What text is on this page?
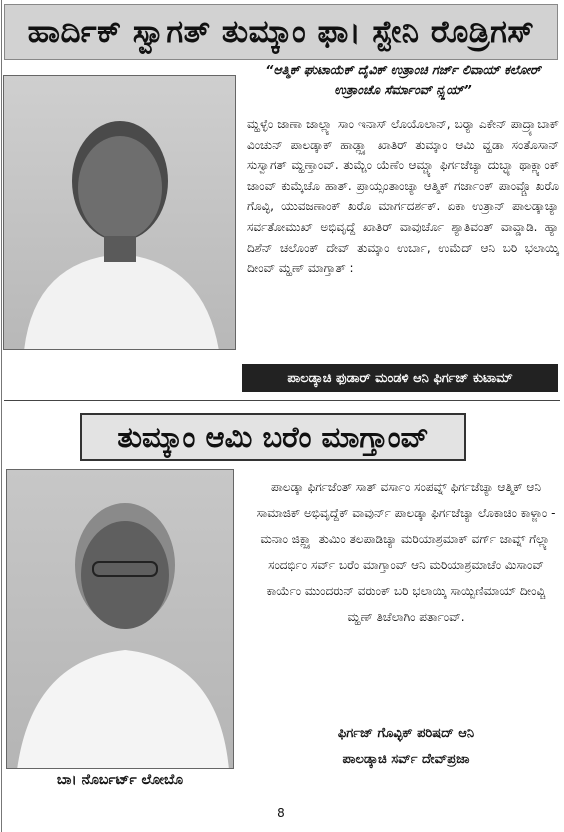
ಹಾರ್ದಿಕ್ ಸ್ವಾಗತ್ ತುಮ್ಕಾಂ ಫಾ। ಸ್ಟೇನಿ ರೊಡ್ರಿಗಸ್
“ಆತ್ಮಿಕ್ ಘುಟಾಯೆಕ್ ದೈವಿಕ್ ಉತ್ರಾಂಚಿ ಗರ್ಜ್ ಲಿವಾಯ್ ಕಲೋರ್ ಉತ್ರಾಂಚೊ ಸೆರ್ಮಾಂವ್ ನ್ಸ್ಲಯ್”
ಮ್ಹಳ್ಳೆಂ ಜಾಣಾ ಜಾಲ್ಲ್ಯಾ ಸಾಂ ಇನಾಸ್ ಲೊಯೊಲಾನ್, ಬರ್‍ಯಾ ಎಕೇನ್ ಪಾದ್ರ್ಯಾಬಾಕ್ ವಿಂಚುನ್ ಪಾಲಡ್ಕಾಕ್ ಹಾಡ್ಲ್ಲ್ಯಾ ಖಾತಿರ್ ತುಮ್ಕಾಂ ಆಮಿ ವ್ಹಡಾ ಸಂತೊಸಾನ್ ಸುಸ್ವಾಗತ್ ಮ್ಹಣ್ತಾಂವ್. ತುಮ್ಚೆಂ ಯೆಣೆಂ ಆಮ್ಚ್ಯಾ ಫಿರ್ಗಜೆಚ್ಯಾ ದುಬ್ಳ್ಯಾ ಥಾಕ್ಲ್ಯಾಂಕ್ ಜಾಂವ್ ಕುಮ್ಕೆಚೊ ಹಾತ್. ಪ್ರಾಯ್ಸಂತಾಂಚ್ಯಾ ಆತ್ಮಿಕ್ ಗರ್ಜಾಂಕ್ ಪಾಂವ್ಚೊ ಖರೊ ಗೊವ್ಳಿ, ಯುವಜಣಾಂಕ್ ಖರೊ ಮಾರ್ಗದರ್ಶಕ್. ಏಕಾ ಉತ್ರಾನ್ ಪಾಲಡ್ಕಾಚ್ಯಾ ಸರ್ವತೋಮುಖ್ ಅಭಿವೃದ್ದೆ ಖಾತಿರ್ ವಾವುರ್ಚೊ ಶ್ಯಾತಿವಂತ್ ವಾವ್ಡಾಡಿ. ಹ್ಯಾ ದಿಶೆನ್ ಚಲೊಂಕ್ ದೇವ್ ತುಮ್ಕಾಂ ಉರ್ಬಾ, ಉಮೆದ್ ಆನಿ ಬರಿ ಭಲಾಯ್ಕಿ ದೀಂವ್ ಮ್ಹಣ್ ಮಾಗ್ತಾತ್ :
ಪಾಲಡ್ಕಾಚಿ ಫುಡಾರ್ ಮಂಡಳಿ ಆನಿ ಫಿರ್ಗಜ್ ಕುಟಾಮ್
ತುಮ್ಕಾಂ ಆಮಿ ಬರೆಂ ಮಾಗ್ತಾಂವ್
ಪಾಲಡ್ಕಾ ಫಿರ್ಗಜೆಂತ್ ಸಾತ್ ವರ್ಸಾಂ ಸಂಪವ್ನ್ ಫಿರ್ಗಜೆಚ್ಯಾ ಆತ್ಮಿಕ್ ಆನಿ ಸಾಮಾಜಿಕ್ ಅಭಿವೃದ್ದೆಕ್ ವಾವುರ್ನ್ ಪಾಲಡ್ಕಾ ಫಿರ್ಗಜೆಚ್ಯಾ ಲೊಕಾಚಿಂ ಕಾಳ್ಜಾಂ - ಮನಾಂ ಜಿಕ್ಲ್ಲ್ಯಾ ತುಮಿಂ ತಲಪಾಡಿಚ್ಯಾ ಮರಿಯಾಶ್ರಮಾಕ್ ವರ್ಗ್ ಜಾವ್ನ್ ಗೆಲ್ಲ್ಯಾ ಸಂದರ್ಭಿಂ ಸರ್ವ್ ಬರೆಂ ಮಾಗ್ತಾಂವ್ ಆನಿ ಮರಿಯಾಶ್ರಮಾಚೆಂ ಮಿಸಾಂವ್ ಕಾರ್ಯೆಂ ಮುಂದರುನ್ ವರುಂಕ್ ಬರಿ ಭಲಾಯ್ಕಿ ಸಾಯ್ಬಿಣಿಮಾಯ್ ದೀಂವ್ಚಿ ಮ್ಹಣ್ ತಿಚೆಲಾಗಿಂ ಪರ್ತಾಂವ್.
ಫಿರ್ಗಜ್ ಗೊವ್ಳಿಕ್ ಪರಿಷದ್ ಆನಿ
ಪಾಲಡ್ಕಾಚಿ ಸರ್ವ್ ದೇವ್‌ಪ್ರಜಾ
ಬಾ। ನೊರ್ಬರ್ಟ್ ಲೋಬೊ
8
